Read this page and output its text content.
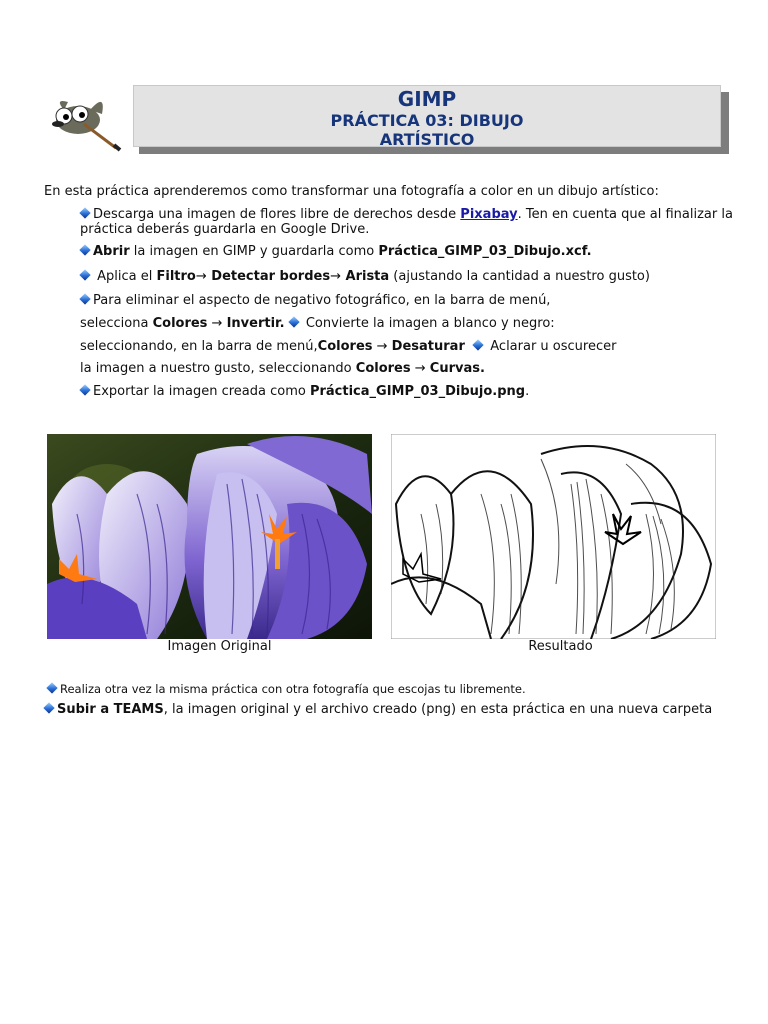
GIMP
PRÁCTICA 03: DIBUJO
ARTÍSTICO
En esta práctica aprenderemos como transformar una fotografía a color en un dibujo artístico:
Descarga una imagen de flores libre de derechos desde Pixabay. Ten en cuenta que al finalizar la
práctica deberás guardarla en Google Drive.
Abrir la imagen en GIMP y guardarla como Práctica_GIMP_03_Dibujo.xcf.
Aplica el Filtro→ Detectar bordes→ Arista (ajustando la cantidad a nuestro gusto)
Para eliminar el aspecto de negativo fotográfico, en la barra de menú,
selecciona Colores → Invertir.  Convierte la imagen a blanco y negro:
seleccionando, en la barra de menú,Colores → Desaturar   Aclarar u oscurecer
la imagen a nuestro gusto, seleccionando Colores → Curvas.
Exportar la imagen creada como Práctica_GIMP_03_Dibujo.png.
Imagen Original	Resultado
Realiza otra vez la misma práctica con otra fotografía que escojas tu libremente.
Subir a TEAMS, la imagen original y el archivo creado (png) en esta práctica en una nueva carpeta
